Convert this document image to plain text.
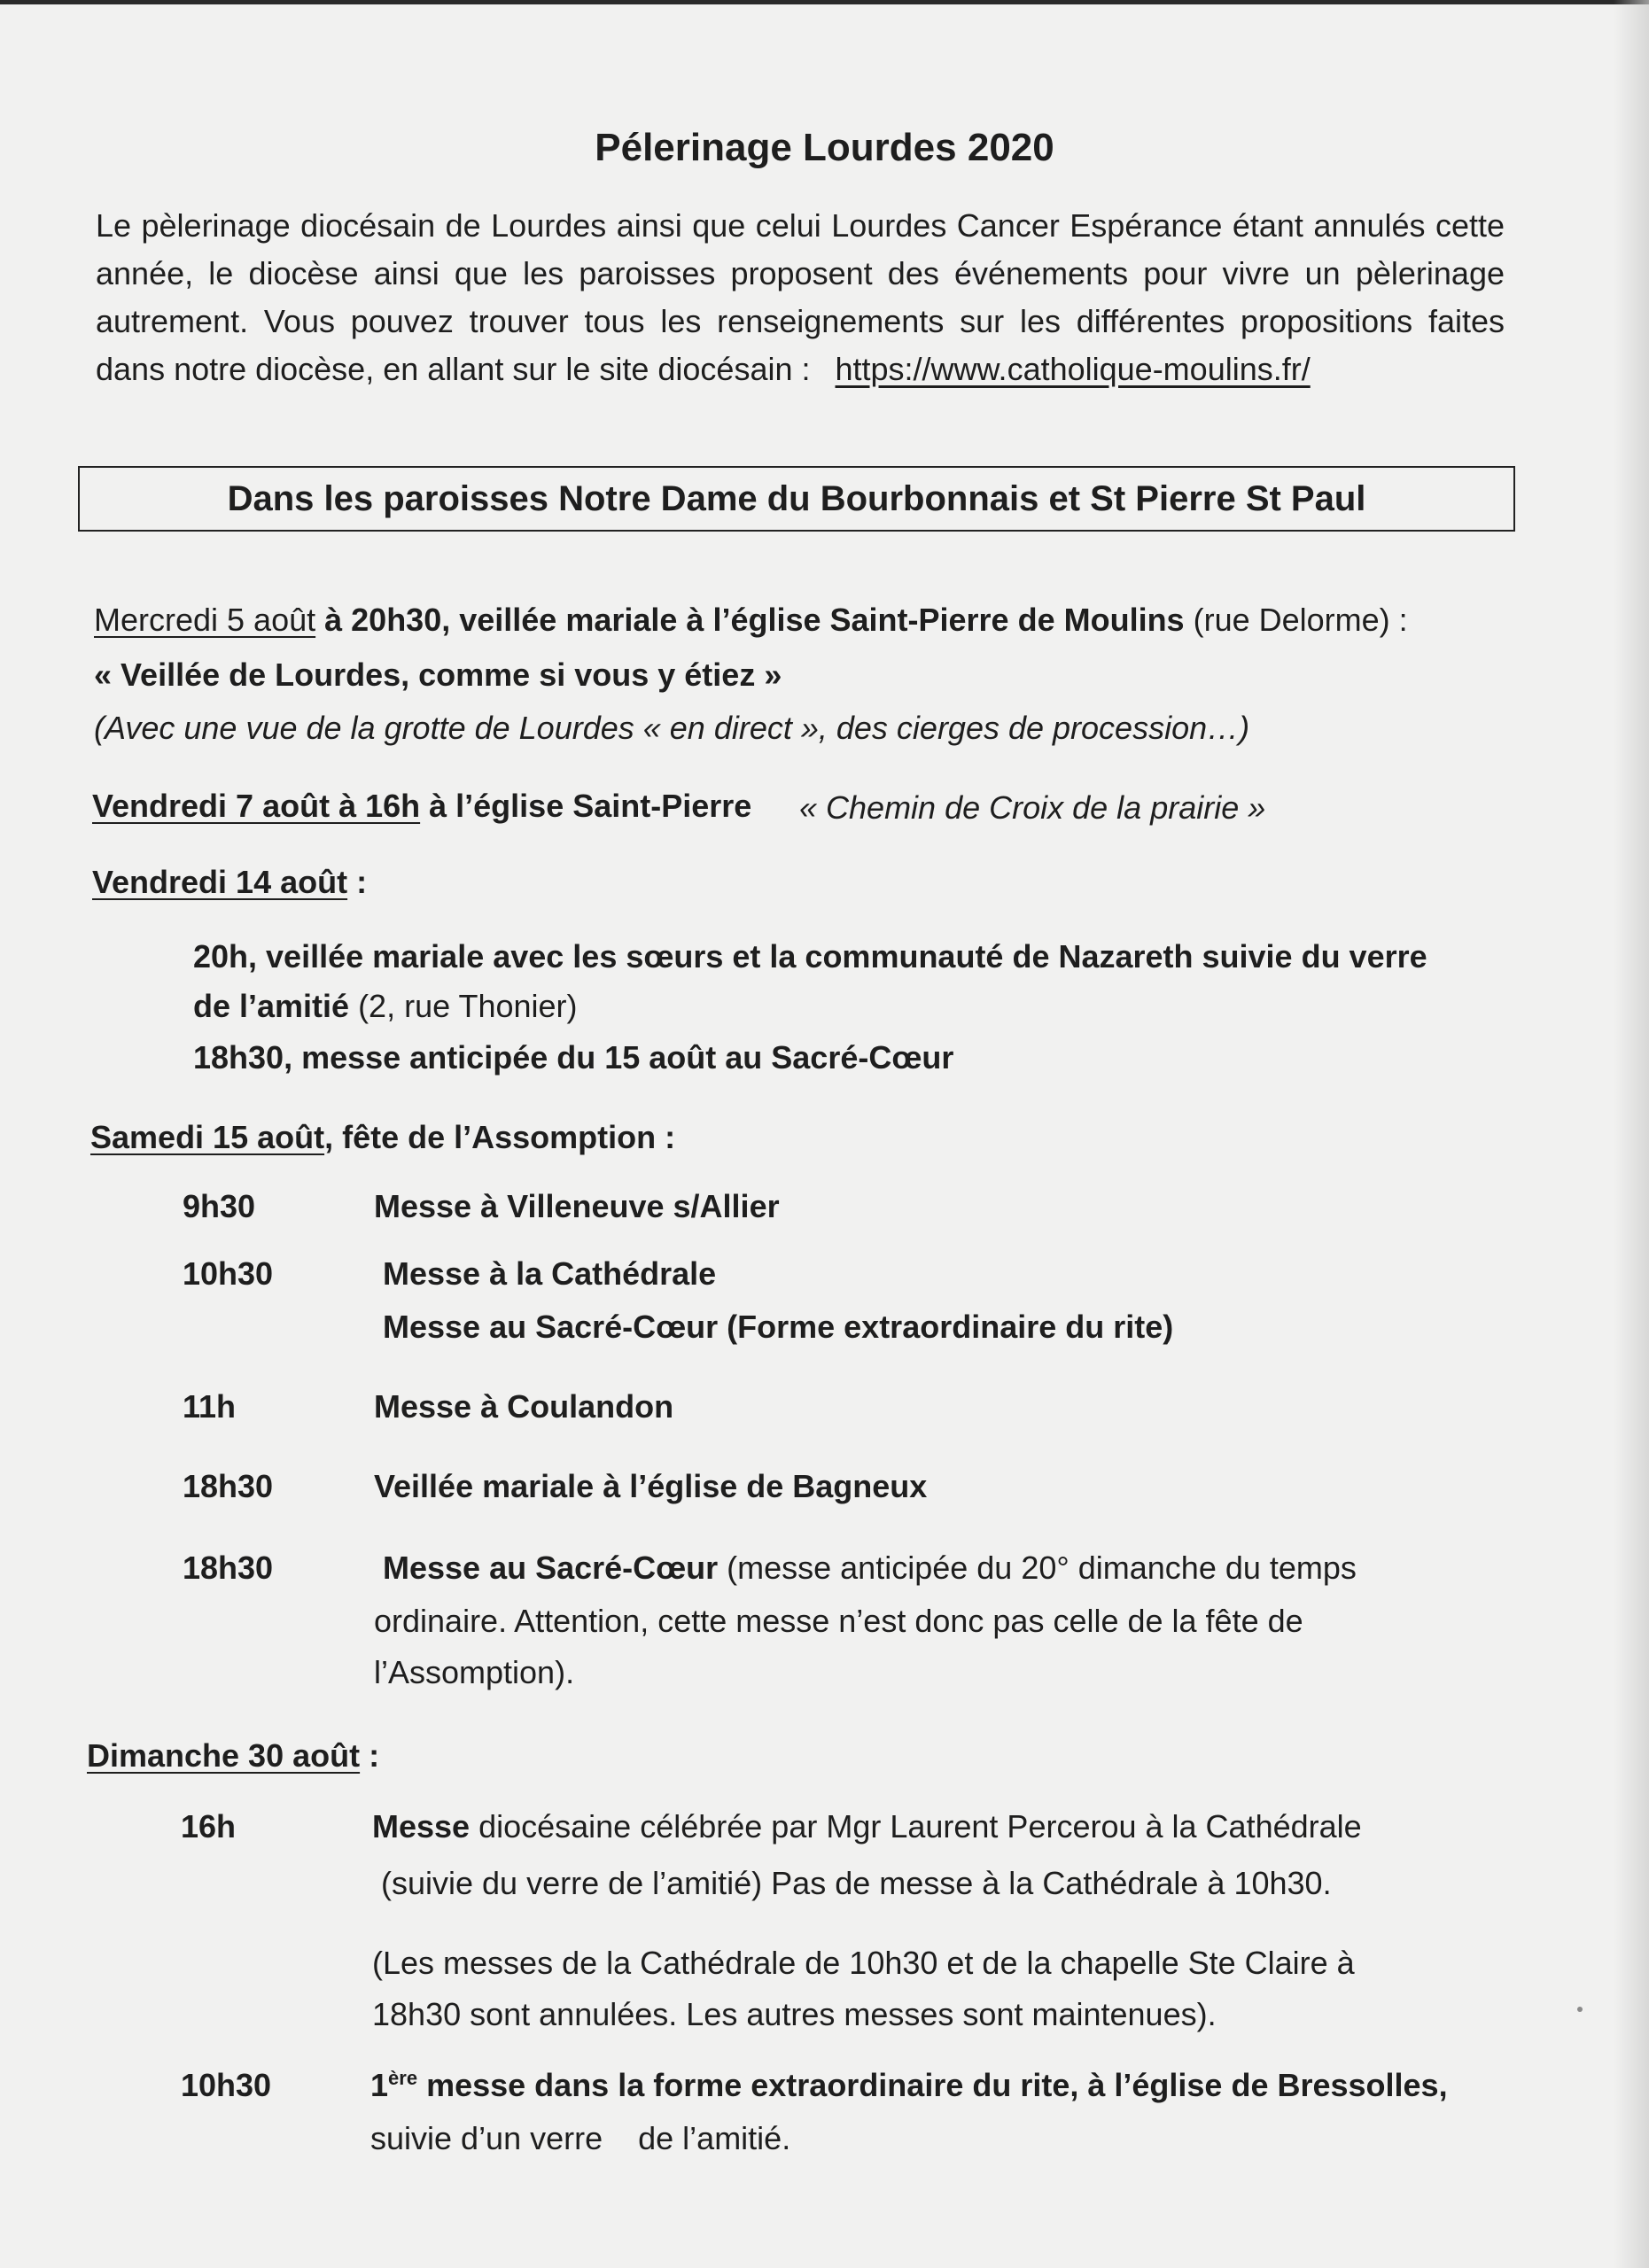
Pélerinage Lourdes 2020
Le pèlerinage diocésain de Lourdes ainsi que celui Lourdes Cancer Espérance étant annulés cette année, le diocèse ainsi que les paroisses proposent des événements pour vivre un pèlerinage autrement. Vous pouvez trouver tous les renseignements sur les différentes propositions faites dans notre diocèse, en allant sur le site diocésain : https://www.catholique-moulins.fr/
Dans les paroisses Notre Dame du Bourbonnais et St Pierre St Paul
Mercredi 5 août à 20h30, veillée mariale à l’église Saint-Pierre de Moulins (rue Delorme) :
« Veillée de Lourdes, comme si vous y étiez »
(Avec une vue de la grotte de Lourdes « en direct », des cierges de procession…)
Vendredi 7 août à 16h à l’église Saint-Pierre « Chemin de Croix de la prairie »
Vendredi 14 août :
20h, veillée mariale avec les sœurs et la communauté de Nazareth suivie du verre
de l’amitié (2, rue Thonier)
18h30, messe anticipée du 15 août au Sacré-Cœur
Samedi 15 août, fête de l’Assomption :
9h30	Messe à Villeneuve s/Allier
10h30	Messe à la Cathédrale
Messe au Sacré-Cœur (Forme extraordinaire du rite)
11h	Messe à Coulandon
18h30	Veillée mariale à l’église de Bagneux
18h30	Messe au Sacré-Cœur (messe anticipée du 20° dimanche du temps
ordinaire. Attention, cette messe n’est donc pas celle de la fête de
l’Assomption).
Dimanche 30 août :
16h	Messe diocésaine célébrée par Mgr Laurent Percerou à la Cathédrale
(suivie du verre de l’amitié) Pas de messe à la Cathédrale à 10h30.
(Les messes de la Cathédrale de 10h30 et de la chapelle Ste Claire à
18h30 sont annulées. Les autres messes sont maintenues).
10h30	1ère messe dans la forme extraordinaire du rite, à l’église de Bressolles,
suivie d’un verre    de l’amitié.
